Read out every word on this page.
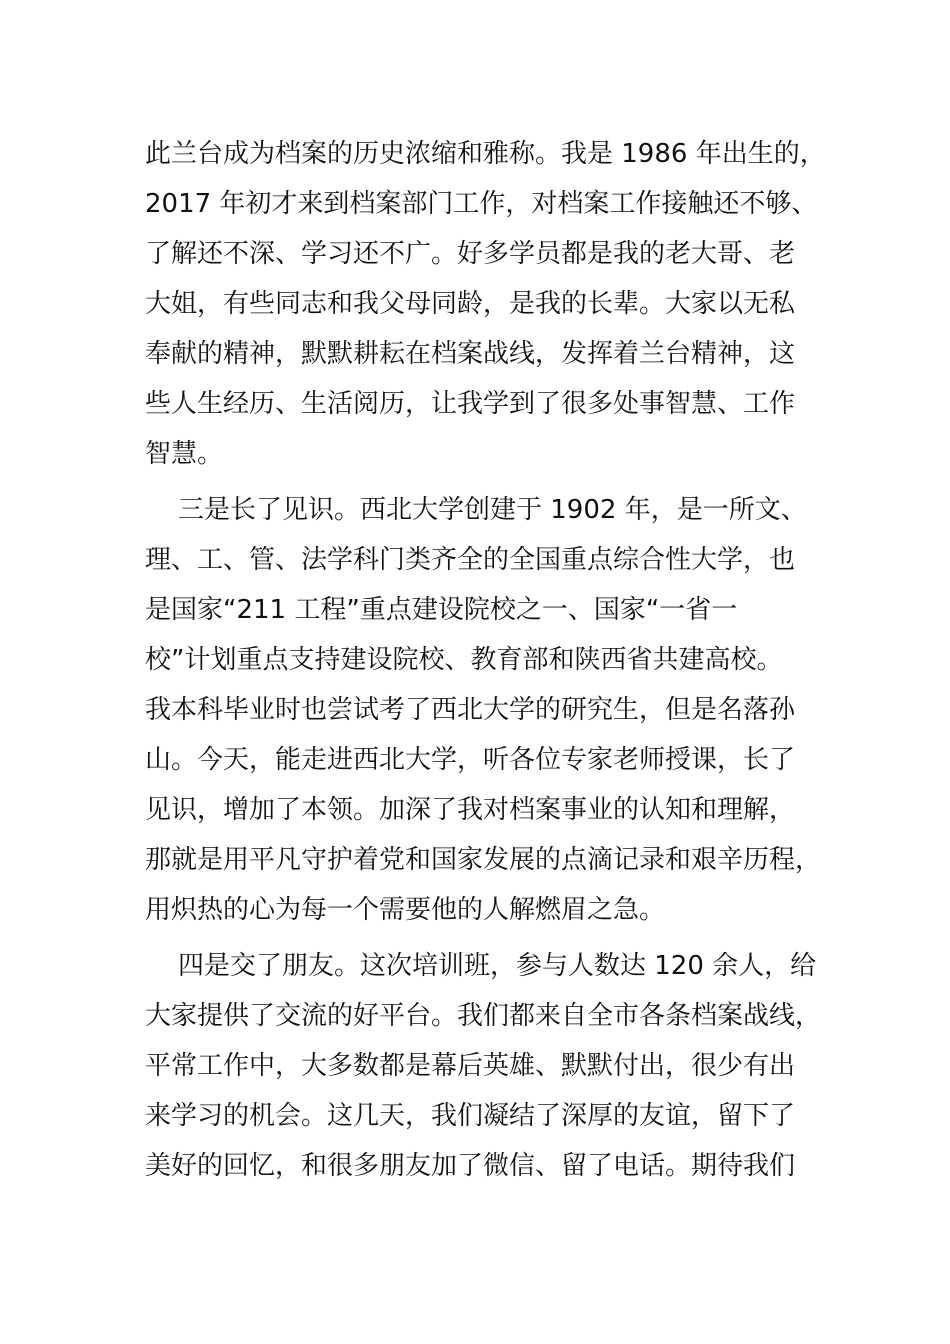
此兰台成为档案的历史浓缩和雅称。我是 1986 年出生的，
2017 年初才来到档案部门工作，对档案工作接触还不够、
了解还不深、学习还不广。好多学员都是我的老大哥、老
大姐，有些同志和我父母同龄，是我的长辈。大家以无私
奉献的精神，默默耕耘在档案战线，发挥着兰台精神，这
些人生经历、生活阅历，让我学到了很多处事智慧、工作
智慧。
三是长了见识。西北大学创建于 1902 年，是一所文、
理、工、管、法学科门类齐全的全国重点综合性大学，也
是国家“211 工程”重点建设院校之一、国家“一省一
校”计划重点支持建设院校、教育部和陕西省共建高校。
我本科毕业时也尝试考了西北大学的研究生，但是名落孙
山。今天，能走进西北大学，听各位专家老师授课，长了
见识，增加了本领。加深了我对档案事业的认知和理解，
那就是用平凡守护着党和国家发展的点滴记录和艰辛历程，
用炽热的心为每一个需要他的人解燃眉之急。
四是交了朋友。这次培训班，参与人数达 120 余人，给
大家提供了交流的好平台。我们都来自全市各条档案战线，
平常工作中，大多数都是幕后英雄、默默付出，很少有出
来学习的机会。这几天，我们凝结了深厚的友谊，留下了
美好的回忆，和很多朋友加了微信、留了电话。期待我们
